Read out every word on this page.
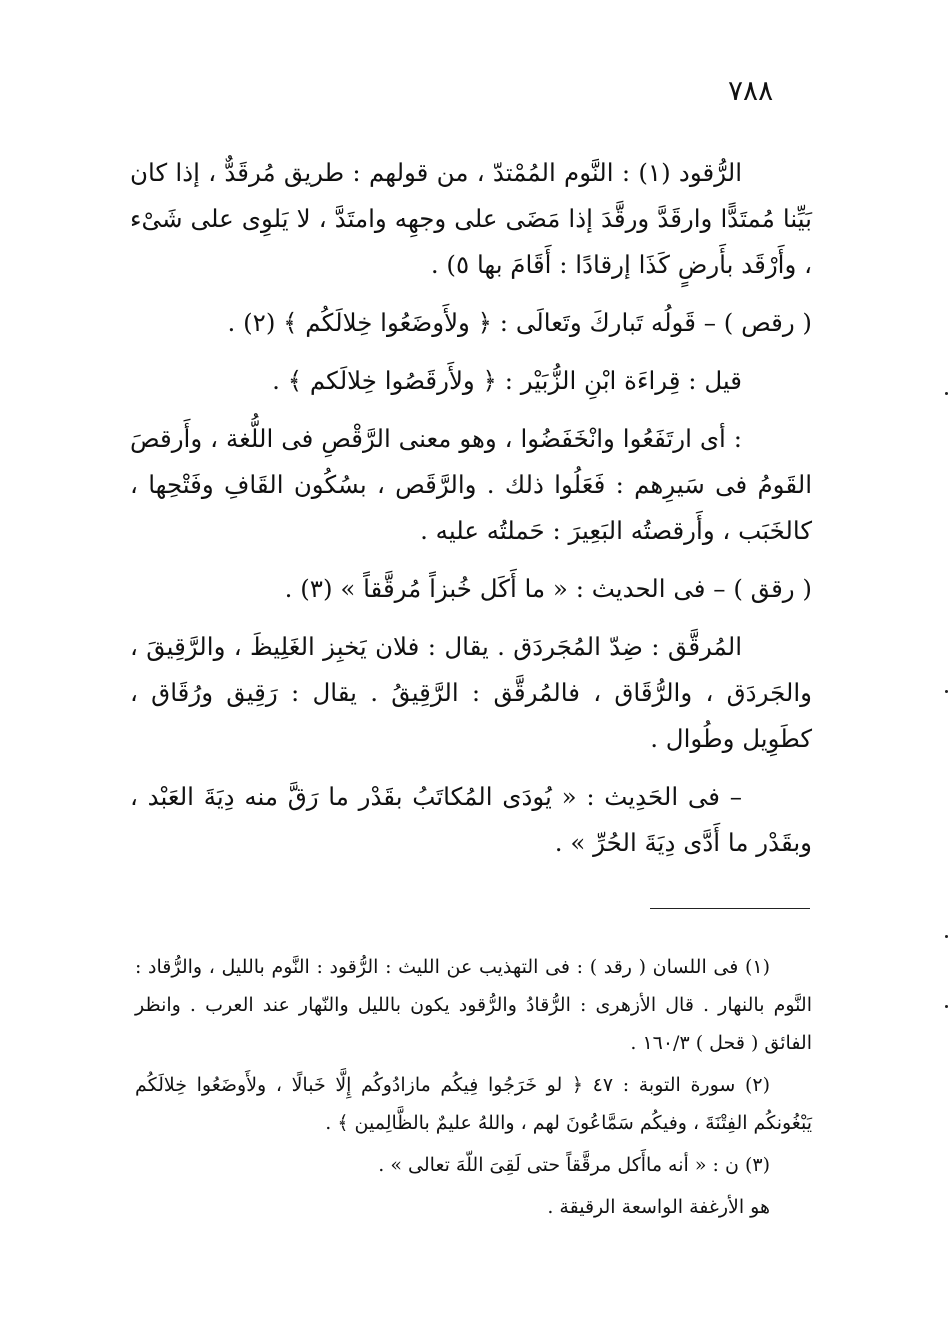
٧٨٨

الرُّقود (١) : النَّوم المُمْتدّ ، من قولهم : طريق مُرقَدٌّ ، إذا كان بَيِّنا مُمتَدًّا وارقَدَّ ورقَّدَ إذا مَضَى على وجهِه وامتَدَّ ، لا يَلوِى على شَىْء ، وأَرْقَد بأَرضٍ كَذَا إرقادًا : أَقَامَ بها ٥) .

( رقص ) – قَولُه تَباركَ وتَعالَى : ﴿ ولأَوضَعُوا خِلالَكُم ﴾ (٢) .

قيل : قِراءَة ابْنِ الزُّبَيْر : ﴿ ولأَرقَصُوا خِلالَكم ﴾ .

: أى ارتَفَعُوا وانْخَفَضُوا ، وهو معنى الرَّقْصِ فى اللُّغة ، وأَرقصَ القَومُ فى سَيرِهم : فَعَلُوا ذلك . والرَّقَص ، بسُكُون القَافِ وفَتْحِها ، كالخَبَب ، وأَرقصتُه البَعِيرَ : حَملتُه عليه .

( رقق ) – فى الحديث : « ما أَكَل خُبزاً مُرقَّقاً » (٣) .

المُرقَّق : ضِدّ المُجَردَق . يقال : فلان يَخبِز الغَلِيظَ ، والرَّقِيقَ ، والجَردَق ، والرُّقَاق ، فالمُرقَّق : الرَّقِيقُ . يقال : رَقِيق ورُقَاق ، كطَوِيل وطُوال .

– فى الحَدِيث : « يُودَى المُكاتَبُ بقَدْر ما رَقَّ منه دِيَةَ العَبْد ، وبقَدْر ما أَدَّى دِيَةَ الحُرِّ » .

(١) فى اللسان ( رقد ) : فى التهذيب عن الليث : الرُّقود : النَّوم بالليل ، والرُّقاد : النَّوم بالنهار . قال الأزهرى : الرُّقادُ والرُّقود يكون بالليل والنّهار عند العرب . وانظر الفائق ( قحل ) ١٦٠/٣ .

(٢) سورة التوبة : ٤٧ ﴿ لو خَرَجُوا فِيكُم مازادُوكُم إِلَّا خَبالًا ، ولأَوضَعُوا خِلالَكُم يَبْغُونكُم الفِتْنَةَ ، وفيكُم سَمَّاعُونَ لهم ، واللهُ عليمٌ بالظَّالِمين ﴾ .

(٣) ن : « أنه ماأَكل مرقَّقاً حتى لَقِىَ اللّهَ تعالى » .

هو الأرغفة الواسعة الرقيقة .
